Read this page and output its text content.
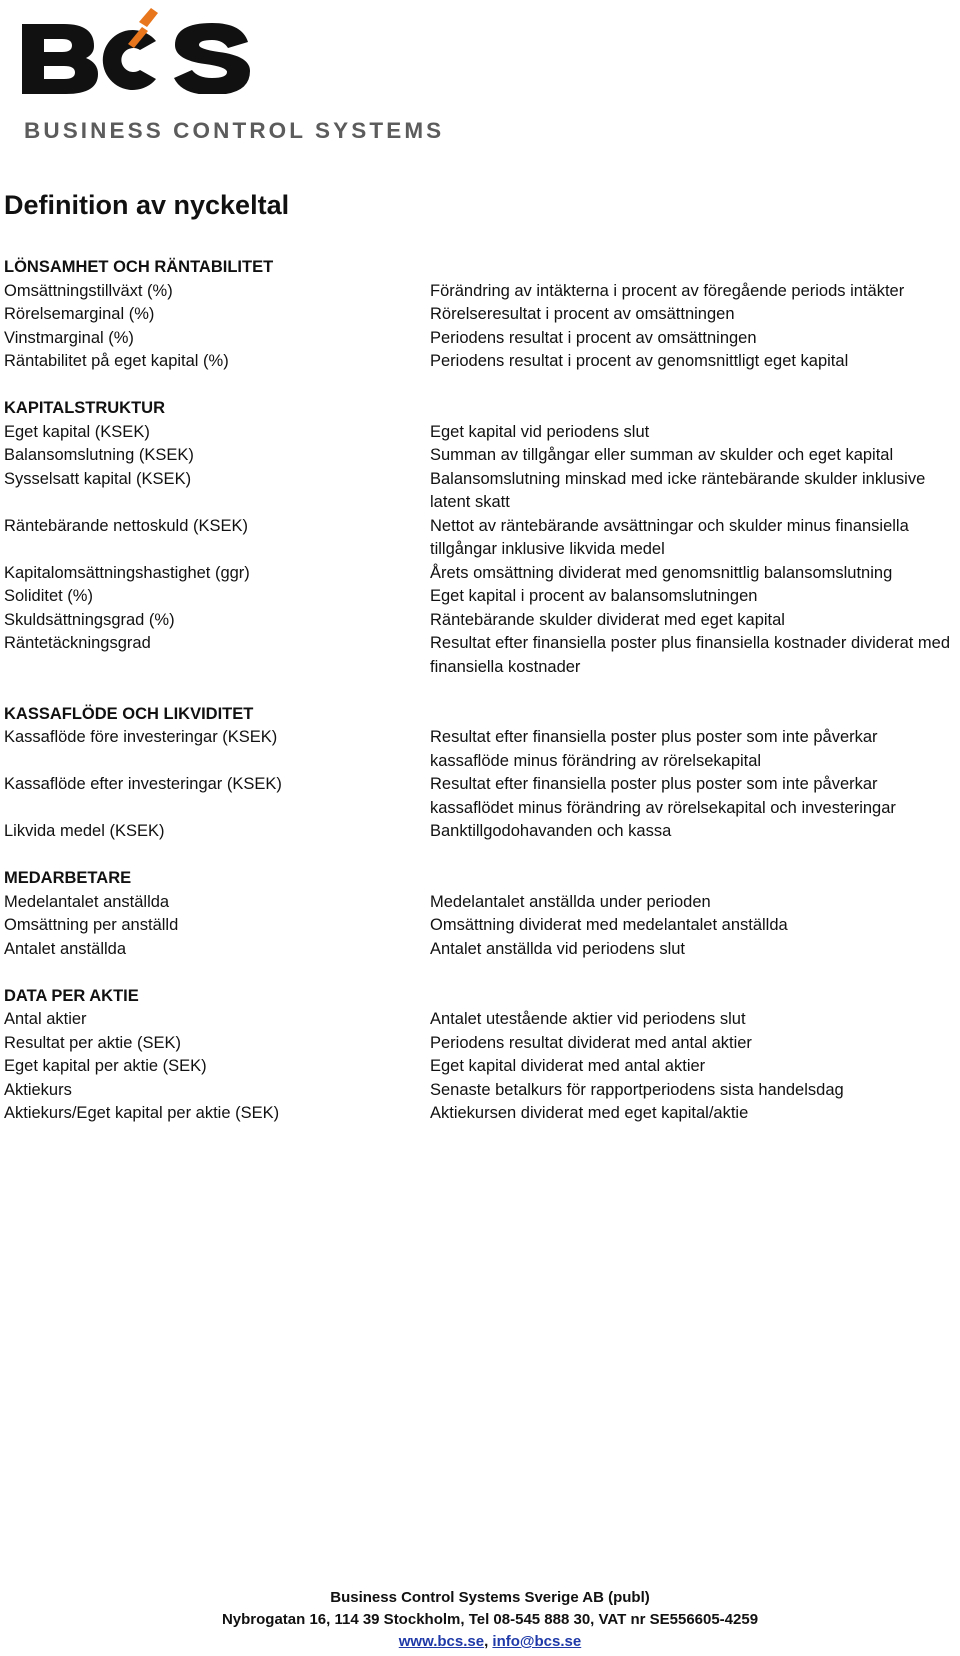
BUSINESS CONTROL SYSTEMS
Definition av nyckeltal
LÖNSAMHET OCH RÄNTABILITET
Omsättningstillväxt (%)	Förändring av intäkterna i procent av föregående periods intäkter
Rörelsemarginal (%)	Rörelseresultat i procent av omsättningen
Vinstmarginal (%)	Periodens resultat i procent av omsättningen
Räntabilitet på eget kapital (%)	Periodens resultat i procent av genomsnittligt eget kapital
KAPITALSTRUKTUR
Eget kapital (KSEK)	Eget kapital vid periodens slut
Balansomslutning (KSEK)	Summan av tillgångar eller summan av skulder och eget kapital
Sysselsatt kapital (KSEK)	Balansomslutning minskad med icke räntebärande skulder inklusive latent skatt
Räntebärande nettoskuld (KSEK)	Nettot av räntebärande avsättningar och skulder minus finansiella tillgångar inklusive likvida medel
Kapitalomsättningshastighet (ggr)	Årets omsättning dividerat med genomsnittlig balansomslutning
Soliditet (%)	Eget kapital i procent av balansomslutningen
Skuldsättningsgrad (%)	Räntebärande skulder dividerat med eget kapital
Räntetäckningsgrad	Resultat efter finansiella poster plus finansiella kostnader dividerat med finansiella kostnader
KASSAFLÖDE OCH LIKVIDITET
Kassaflöde före investeringar (KSEK)	Resultat efter finansiella poster plus poster som inte påverkar kassaflöde minus förändring av rörelsekapital
Kassaflöde efter investeringar (KSEK)	Resultat efter finansiella poster plus poster som inte påverkar kassaflödet minus förändring av rörelsekapital och investeringar
Likvida medel (KSEK)	Banktillgodohavanden och kassa
MEDARBETARE
Medelantalet anställda	Medelantalet anställda under perioden
Omsättning per anställd	Omsättning dividerat med medelantalet anställda
Antalet anställda	Antalet anställda vid periodens slut
DATA PER AKTIE
Antal aktier	Antalet utestående aktier vid periodens slut
Resultat per aktie (SEK)	Periodens resultat dividerat med antal aktier
Eget kapital per aktie (SEK)	Eget kapital dividerat med antal aktier
Aktiekurs	Senaste betalkurs för rapportperiodens sista handelsdag
Aktiekurs/Eget kapital per aktie (SEK)	Aktiekursen dividerat med eget kapital/aktie
Business Control Systems Sverige AB (publ)
Nybrogatan 16, 114 39 Stockholm, Tel 08-545 888 30, VAT nr SE556605-4259
www.bcs.se, info@bcs.se
